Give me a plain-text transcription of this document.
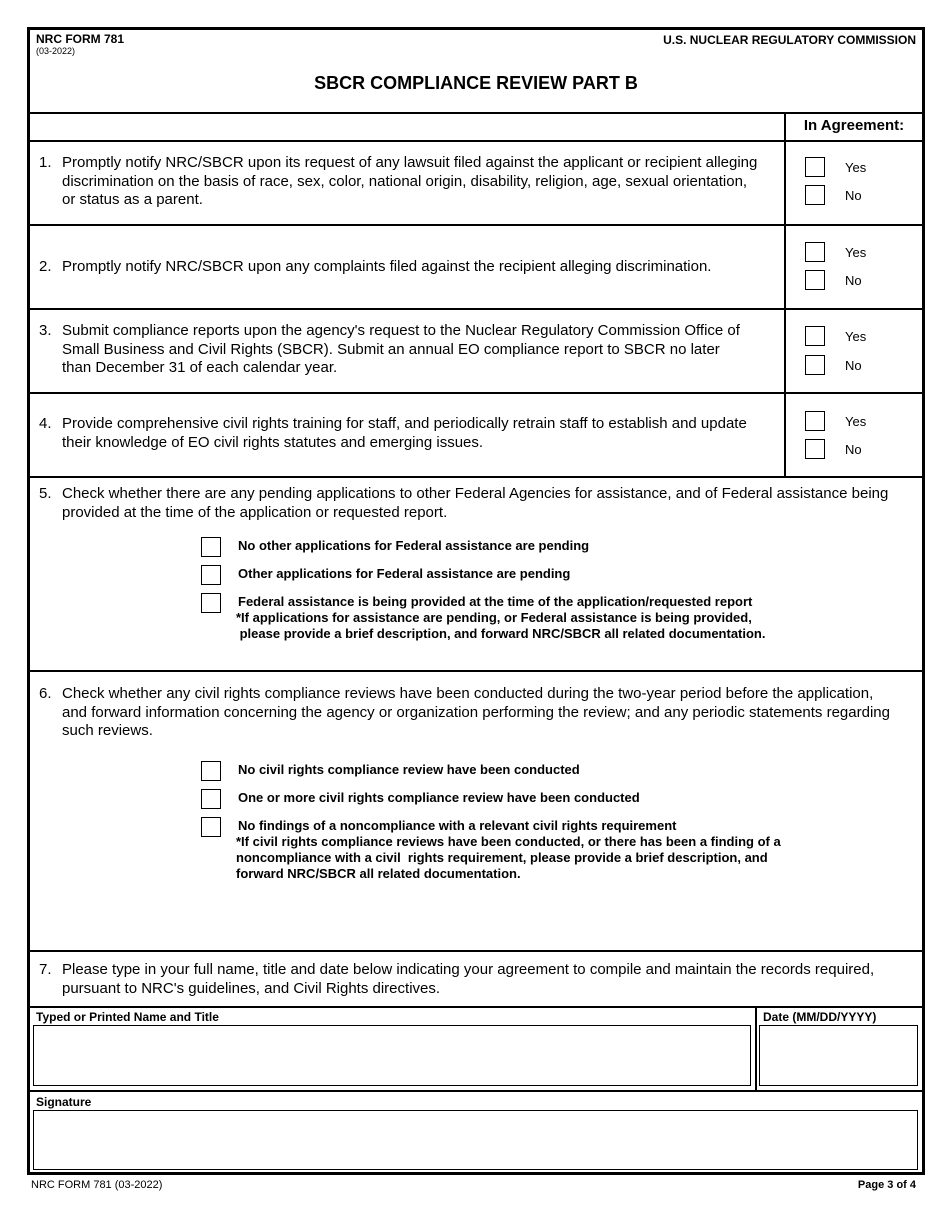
NRC FORM 781
(03-2022)
U.S. NUCLEAR REGULATORY COMMISSION
SBCR COMPLIANCE REVIEW PART B
In Agreement:
1. Promptly notify NRC/SBCR upon its request of any lawsuit filed against the applicant or recipient alleging
discrimination on the basis of race, sex, color, national origin, disability, religion, age, sexual orientation,
or status as a parent.
Yes
No
2. Promptly notify NRC/SBCR upon any complaints filed against the recipient alleging discrimination.
Yes
No
3. Submit compliance reports upon the agency's request to the Nuclear Regulatory Commission Office of
Small Business and Civil Rights (SBCR). Submit an annual EO compliance report to SBCR no later
than December 31 of each calendar year.
Yes
No
4. Provide comprehensive civil rights training for staff, and periodically retrain staff to establish and update
their knowledge of EO civil rights statutes and emerging issues.
Yes
No
5. Check whether there are any pending applications to other Federal Agencies for assistance, and of Federal assistance being
provided at the time of the application or requested report.
No other applications for Federal assistance are pending
Other applications for Federal assistance are pending
Federal assistance is being provided at the time of the application/requested report
*If applications for assistance are pending, or Federal assistance is being provided,
please provide a brief description, and forward NRC/SBCR all related documentation.
6. Check whether any civil rights compliance reviews have been conducted during the two-year period before the application,
and forward information concerning the agency or organization performing the review; and any periodic statements regarding
such reviews.
No civil rights compliance review have been conducted
One or more civil rights compliance review have been conducted
No findings of a noncompliance with a relevant civil rights requirement
*If civil rights compliance reviews have been conducted, or there has been a finding of a
noncompliance with a civil  rights requirement, please provide a brief description, and
forward NRC/SBCR all related documentation.
7. Please type in your full name, title and date below indicating your agreement to compile and maintain the records required,
pursuant to NRC's guidelines, and Civil Rights directives.
Typed or Printed Name and Title	Date (MM/DD/YYYY)
Signature
NRC FORM 781 (03-2022)	Page 3 of 4
